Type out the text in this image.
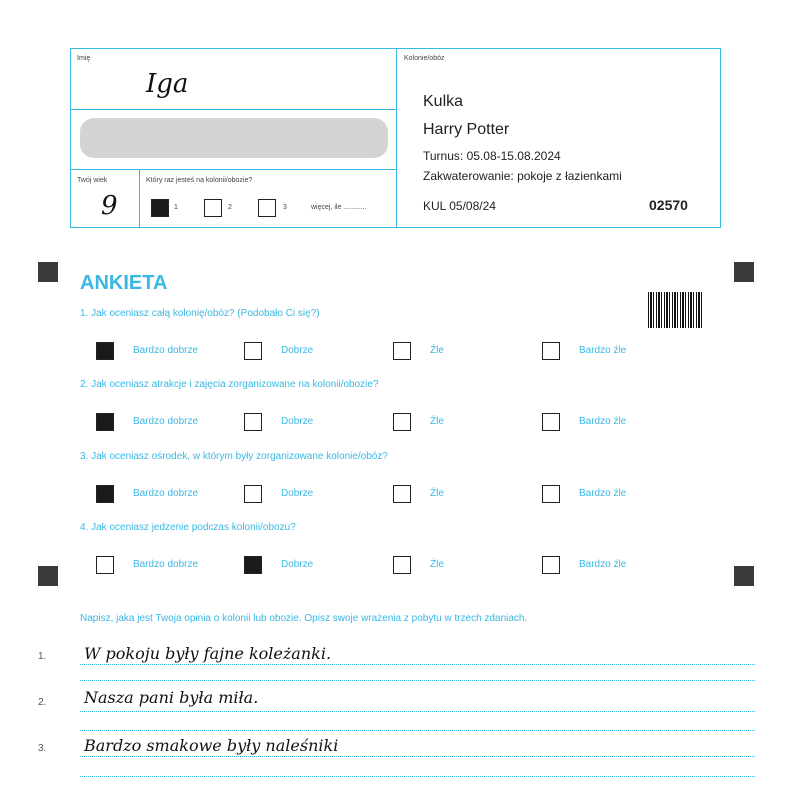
Imię
Iga
Twój wiek
9
Który raz jesteś na kolonii/obozie?
1	2	3	więcej, ile ............
Kolonie/obóz
Kulka
Harry Potter
Turnus: 05.08-15.08.2024
Zakwaterowanie: pokoje z łazienkami
KUL 05/08/24	02570
ANKIETA
1. Jak oceniasz całą kolonię/obóz? (Podobało Ci się?)
Bardzo dobrze	Dobrze	Źle	Bardzo źle
2. Jak oceniasz atrakcje i zajęcia zorganizowane na kolonii/obozie?
Bardzo dobrze	Dobrze	Źle	Bardzo źle
3. Jak oceniasz ośrodek, w którym były zorganizowane kolonie/obóz?
Bardzo dobrze	Dobrze	Źle	Bardzo źle
4. Jak oceniasz jedzenie podczas kolonii/obozu?
Bardzo dobrze	Dobrze	Źle	Bardzo źle
Napisz, jaka jest Twoja opinia o kolonii lub obozie. Opisz swoje wrażenia z pobytu w trzech zdaniach.
1. W pokoju były fajne koleżanki.
2. Nasza pani była miła.
3. Bardzo smakowe były naleśniki
